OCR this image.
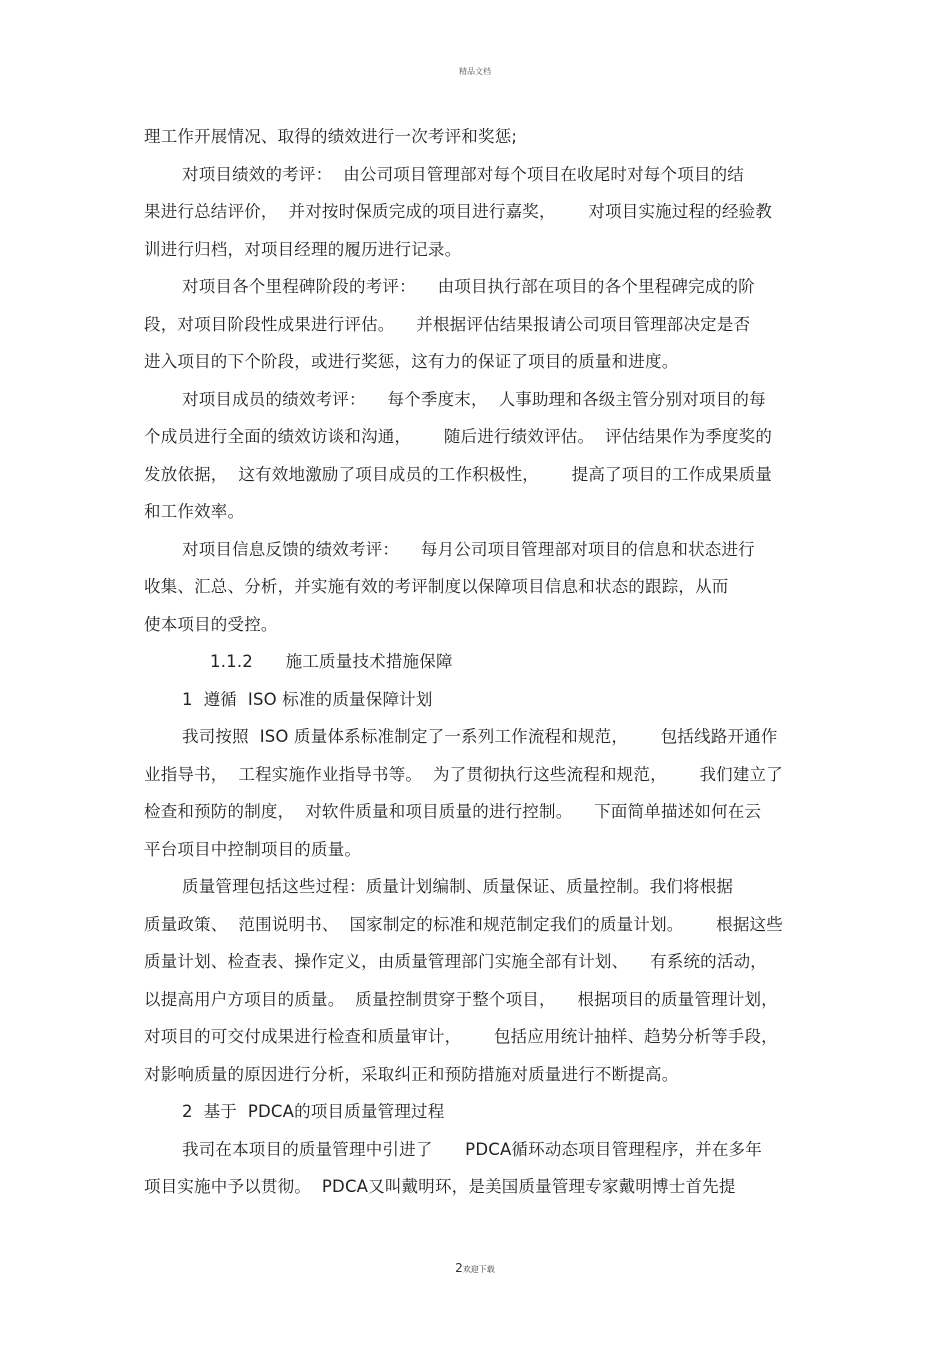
精品文档
理工作开展情况、取得的绩效进行一次考评和奖惩;
对项目绩效的考评：  由公司项目管理部对每个项目在收尾时对每个项目的结
果进行总结评价，  并对按时保质完成的项目进行嘉奖，      对项目实施过程的经验教
训进行归档，对项目经理的履历进行记录。
对项目各个里程碑阶段的考评：    由项目执行部在项目的各个里程碑完成的阶
段，对项目阶段性成果进行评估。    并根据评估结果报请公司项目管理部决定是否
进入项目的下个阶段，或进行奖惩，这有力的保证了项目的质量和进度。
对项目成员的绩效考评：    每个季度末，  人事助理和各级主管分别对项目的每
个成员进行全面的绩效访谈和沟通，      随后进行绩效评估。  评估结果作为季度奖的
发放依据，  这有效地激励了项目成员的工作积极性，      提高了项目的工作成果质量
和工作效率。
对项目信息反馈的绩效考评：    每月公司项目管理部对项目的信息和状态进行
收集、汇总、分析，并实施有效的考评制度以保障项目信息和状态的跟踪，从而
使本项目的受控。
1.1.2      施工质量技术措施保障
1  遵循  ISO 标准的质量保障计划
我司按照  ISO 质量体系标准制定了一系列工作流程和规范，      包括线路开通作
业指导书，  工程实施作业指导书等。  为了贯彻执行这些流程和规范，      我们建立了
检查和预防的制度，  对软件质量和项目质量的进行控制。    下面简单描述如何在云
平台项目中控制项目的质量。
质量管理包括这些过程：质量计划编制、质量保证、质量控制。我们将根据
质量政策、  范围说明书、  国家制定的标准和规范制定我们的质量计划。      根据这些
质量计划、检查表、操作定义，由质量管理部门实施全部有计划、    有系统的活动，
以提高用户方项目的质量。  质量控制贯穿于整个项目，    根据项目的质量管理计划，
对项目的可交付成果进行检查和质量审计，      包括应用统计抽样、趋势分析等手段，
对影响质量的原因进行分析，采取纠正和预防措施对质量进行不断提高。
2  基于  PDCA的项目质量管理过程
我司在本项目的质量管理中引进了      PDCA循环动态项目管理程序，并在多年
项目实施中予以贯彻。  PDCA又叫戴明环，是美国质量管理专家戴明博士首先提
2欢迎下载
